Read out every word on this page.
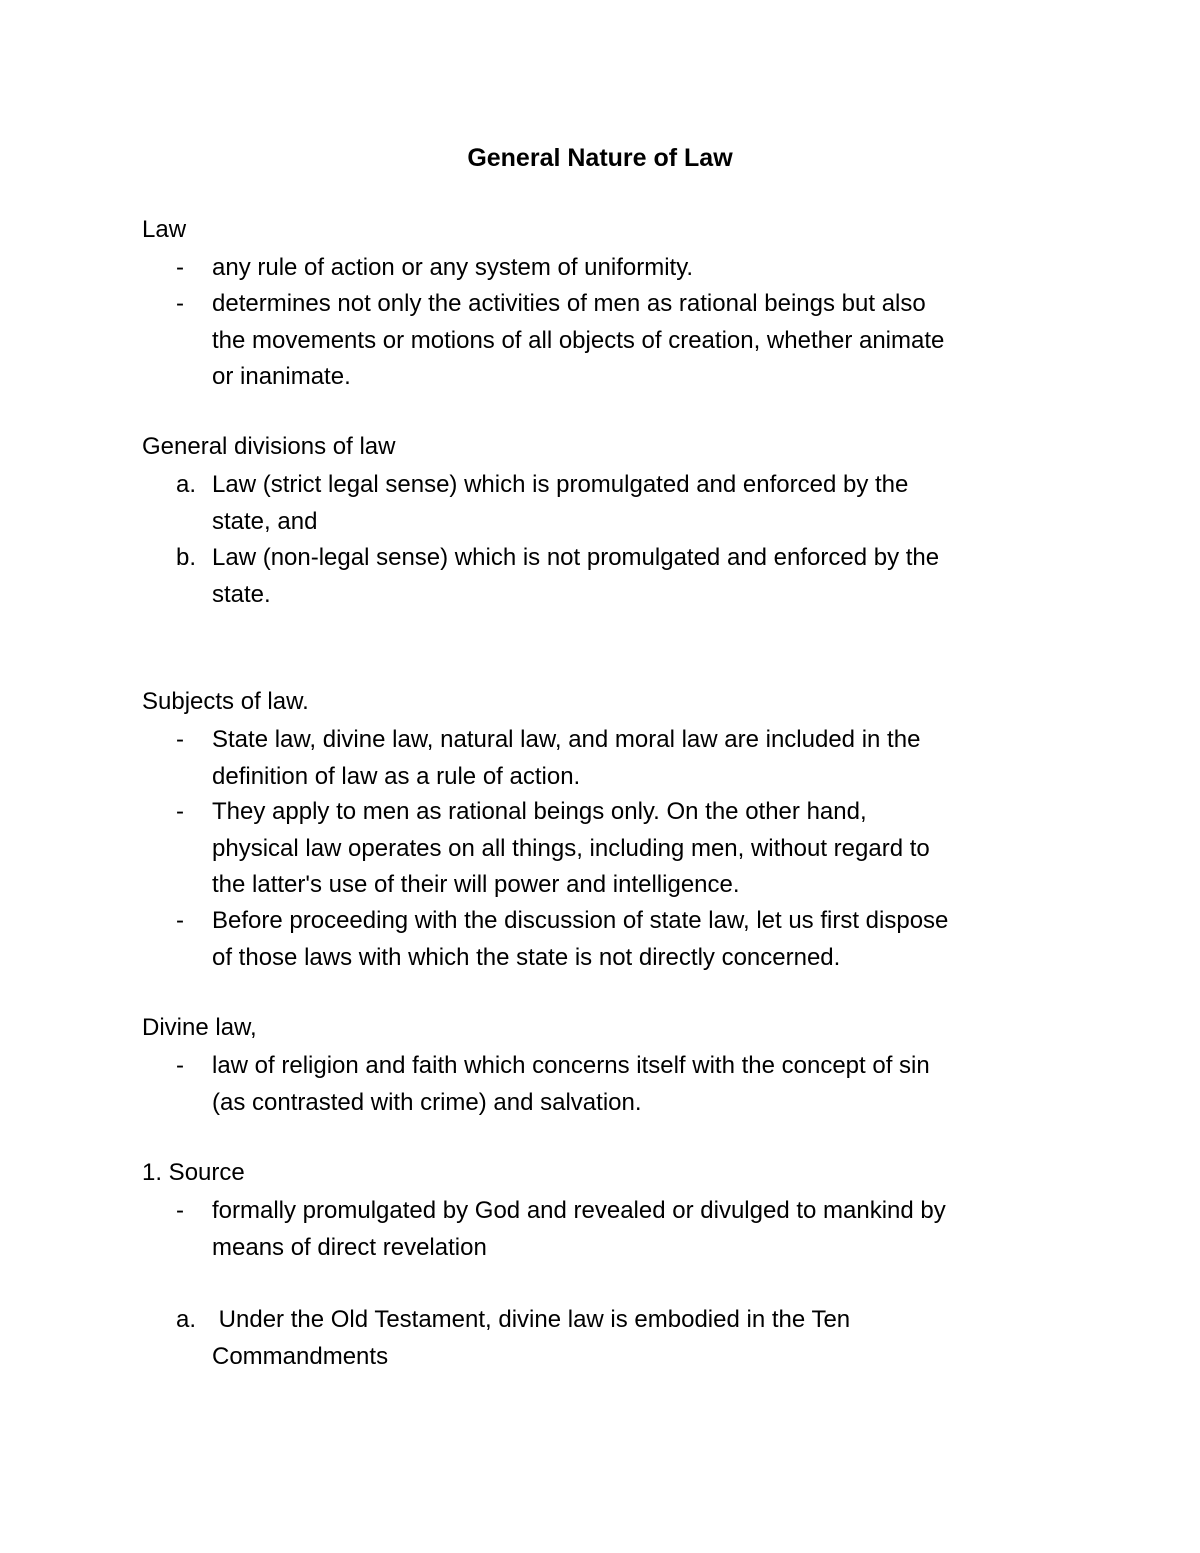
General Nature of Law
Law
-	any rule of action or any system of uniformity.
-	determines not only the activities of men as rational beings but also
the movements or motions of all objects of creation, whether animate
or inanimate.
General divisions of law
a. Law (strict legal sense) which is promulgated and enforced by the
state, and
b. Law (non-legal sense) which is not promulgated and enforced by the
state.
Subjects of law.
-	State law, divine law, natural law, and moral law are included in the
definition of law as a rule of action.
-	They apply to men as rational beings only. On the other hand,
physical law operates on all things, including men, without regard to
the latter's use of their will power and intelligence.
-	Before proceeding with the discussion of state law, let us first dispose
of those laws with which the state is not directly concerned.
Divine law,
-	law of religion and faith which concerns itself with the concept of sin
(as contrasted with crime) and salvation.
1. Source
-	formally promulgated by God and revealed or divulged to mankind by
means of direct revelation
a. Under the Old Testament, divine law is embodied in the Ten
Commandments
